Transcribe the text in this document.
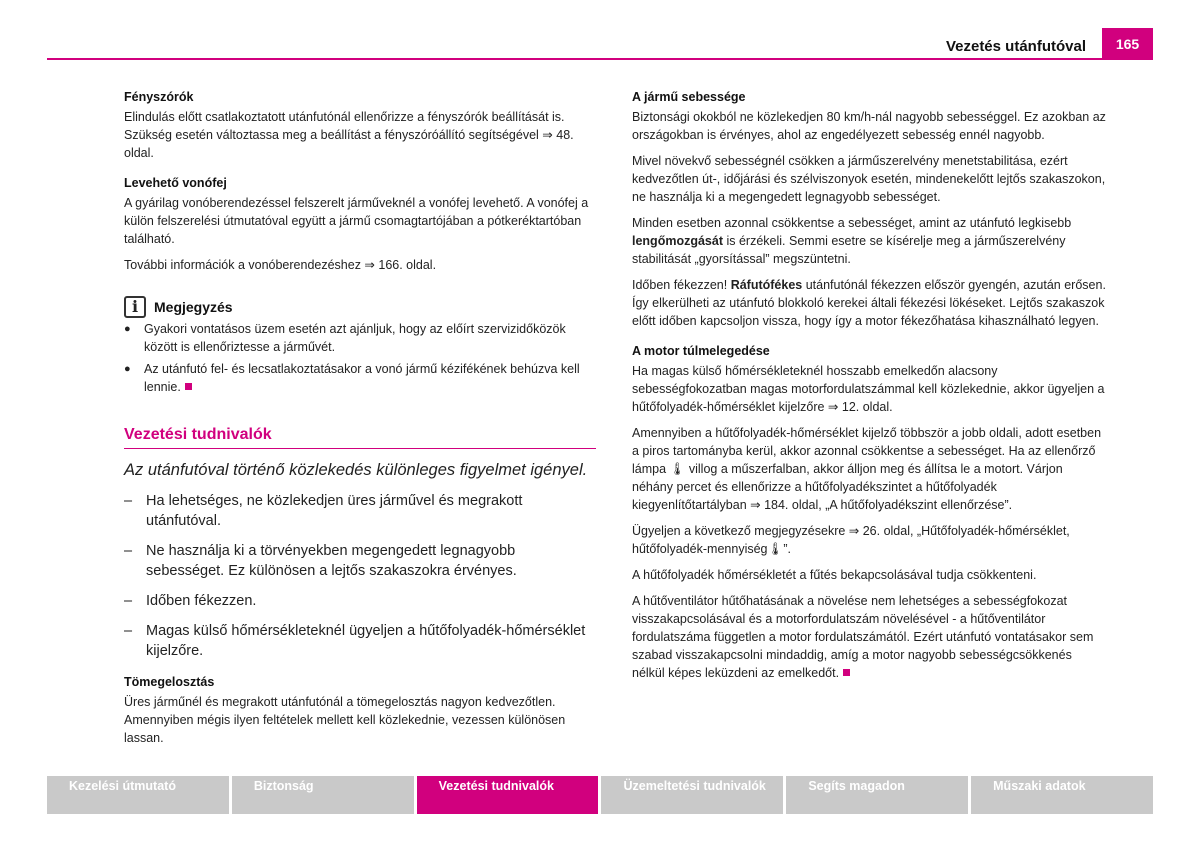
Vezetés utánfutóval	165
Fényszórók

Elindulás előtt csatlakoztatott utánfutónál ellenőrizze a fényszórók beállítását is. Szükség esetén változtassa meg a beállítást a fényszóróállító segítségével ⇒ 48. oldal.

Levehető vonófej

A gyárilag vonóberendezéssel felszerelt járműveknél a vonófej levehető. A vonófej a külön felszerelési útmutatóval együtt a jármű csomagtartójában a pótkeréktartóban található.

További információk a vonóberendezéshez ⇒ 166. oldal.

i	Megjegyzés
● Gyakori vontatásos üzem esetén azt ajánljuk, hogy az előírt szervizidőközök között is ellenőriztesse a járművét.
● Az utánfutó fel- és lecsatlakoztatásakor a vonó jármű kézifékének behúzva kell lennie.
Vezetési tudnivalók
Az utánfutóval történő közlekedés különleges figyelmet igényel.
– Ha lehetséges, ne közlekedjen üres járművel és megrakott utánfutóval.
– Ne használja ki a törvényekben megengedett legnagyobb sebességet. Ez különösen a lejtős szakaszokra érvényes.
– Időben fékezzen.
– Magas külső hőmérsékleteknél ügyeljen a hűtőfolyadék-hőmérséklet kijelzőre.
Tömegelosztás

Üres járműnél és megrakott utánfutónál a tömegelosztás nagyon kedvezőtlen. Amennyiben mégis ilyen feltételek mellett kell közlekednie, vezessen különösen lassan.

A jármű sebessége

Biztonsági okokból ne közlekedjen 80 km/h-nál nagyobb sebességgel. Ez azokban az országokban is érvényes, ahol az engedélyezett sebesség ennél nagyobb.

Mivel növekvő sebességnél csökken a járműszerelvény menetstabilitása, ezért kedvezőtlen út-, időjárási és szélviszonyok esetén, mindenekelőtt lejtős szakaszokon, ne használja ki a megengedett legnagyobb sebességet.

Minden esetben azonnal csökkentse a sebességet, amint az utánfutó legkisebb lengőmozgását is érzékeli. Semmi esetre se kísérelje meg a járműszerelvény stabilitását „gyorsítással” megszüntetni.

Időben fékezzen! Ráfutófékes utánfutónál fékezzen először gyengén, azután erősen. Így elkerülheti az utánfutó blokkoló kerekei általi fékezési lökéseket. Lejtős szakaszok előtt időben kapcsoljon vissza, hogy így a motor fékezőhatása kihasználható legyen.

A motor túlmelegedése

Ha magas külső hőmérsékleteknél hosszabb emelkedőn alacsony sebességfokozatban magas motorfordulatszámmal kell közlekednie, akkor ügyeljen a hűtőfolyadék-hőmérséklet kijelzőre ⇒ 12. oldal.

Amennyiben a hűtőfolyadék-hőmérséklet kijelző többször a jobb oldali, adott esetben a piros tartományba kerül, akkor azonnal csökkentse a sebességet. Ha az ellenőrző lámpa 🌡 villog a műszerfalban, akkor álljon meg és állítsa le a motort. Várjon néhány percet és ellenőrizze a hűtőfolyadékszintet a hűtőfolyadék kiegyenlítőtartályban ⇒ 184. oldal, „A hűtőfolyadékszint ellenőrzése”.

Ügyeljen a következő megjegyzésekre ⇒ 26. oldal, „Hűtőfolyadék-hőmérséklet, hűtőfolyadék-mennyiség🌡”.

A hűtőfolyadék hőmérsékletét a fűtés bekapcsolásával tudja csökkenteni.

A hűtőventilátor hűtőhatásának a növelése nem lehetséges a sebességfokozat visszakapcsolásával és a motorfordulatszám növelésével - a hűtőventilátor fordulatszáma független a motor fordulatszámától. Ezért utánfutó vontatásakor sem szabad visszakapcsolni mindaddig, amíg a motor nagyobb sebességcsökkenés nélkül képes leküzdeni az emelkedőt.

Kezelési útmutató	Biztonság	Vezetési tudnivalók	Üzemeltetési tudnivalók	Segíts magadon	Műszaki adatok
